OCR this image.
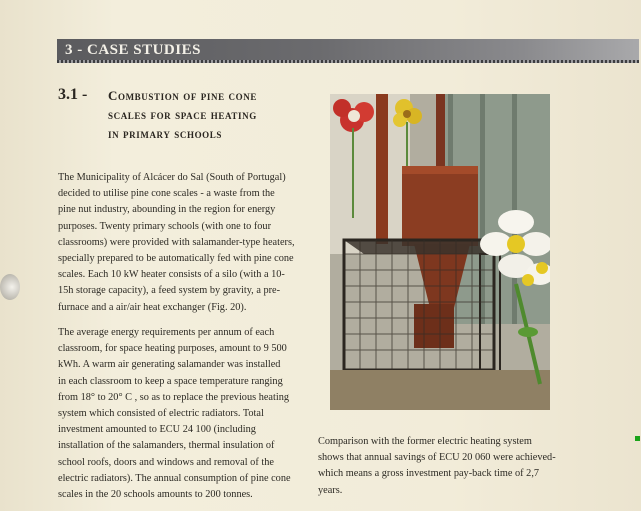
3 - CASE STUDIES
3.1 - Combustion of pine cone
scales for space heating
in primary schools
The Municipality of Alcácer do Sal (South of Portugal)
decided to utilise pine cone scales - a waste from the
pine nut industry, abounding in the region for energy
purposes. Twenty primary schools (with one to four
classrooms) were provided with salamander-type heaters,
specially prepared to be automatically fed with pine cone
scales. Each 10 kW heater consists of a silo (with a 10-
15h storage capacity), a feed system by gravity, a pre-
furnace and a air/air heat exchanger (Fig. 20).
The average energy requirements per annum of each
classroom, for space heating purposes, amount to 9 500
kWh. A warm air generating salamander was installed
in each classroom to keep a space temperature ranging
from 18° to 20° C , so as to replace the previous heating
system which consisted of electric radiators. Total
investment amounted to ECU 24 100 (including
installation of the salamanders, thermal insulation of
school roofs, doors and windows and removal of the
electric radiators). The annual consumption of pine cone
scales in the 20 schools amounts to 200 tonnes.
Comparison with the former electric heating system
shows that annual savings of ECU 20 060 were achieved-
which means a gross investment pay-back time of 2,7
years.
